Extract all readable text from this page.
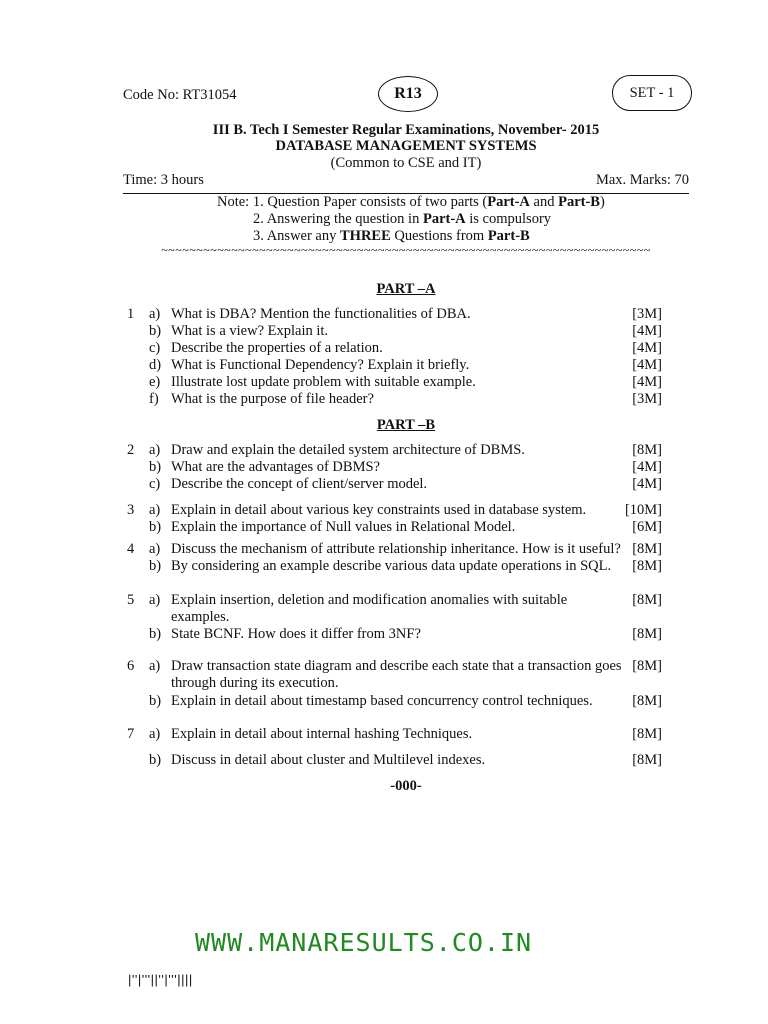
Code No: RT31054	R13	SET - 1
III B. Tech I Semester Regular Examinations, November- 2015
DATABASE MANAGEMENT SYSTEMS
(Common to CSE and IT)
Time: 3 hours	Max. Marks: 70
Note: 1. Question Paper consists of two parts (Part-A and Part-B)
2. Answering the question in Part-A is compulsory
3. Answer any THREE Questions from Part-B
~~~~~~~~~~~~~~~~~~~~~~~~~~~~~~~~~~~~~~~~~~~~~~~~~~~~~~~~~~~~~~~~~~~~~~
PART –A
1 a) What is DBA? Mention the functionalities of DBA.	[3M]
b) What is a view? Explain it.	[4M]
c) Describe the properties of a relation.	[4M]
d) What is Functional Dependency? Explain it briefly.	[4M]
e) Illustrate lost update problem with suitable example.	[4M]
f) What is the purpose of file header?	[3M]
PART –B
2 a) Draw and explain the detailed system architecture of DBMS.	[8M]
b) What are the advantages of DBMS?	[4M]
c) Describe the concept of client/server model.	[4M]
3 a) Explain in detail about various key constraints used in database system.	[10M]
b) Explain the importance of Null values in Relational Model.	[6M]
4 a) Discuss the mechanism of attribute relationship inheritance. How is it useful? [8M]
b) By considering an example describe various data update operations in SQL. [8M]
5 a) Explain insertion, deletion and modification anomalies with suitable	[8M]
examples.
b) State BCNF. How does it differ from 3NF?	[8M]
6 a) Draw transaction state diagram and describe each state that a transaction goes [8M]
through during its execution.
b) Explain in detail about timestamp based concurrency control techniques.	[8M]
7 a) Explain in detail about internal hashing Techniques.	[8M]
b) Discuss in detail about cluster and Multilevel indexes.	[8M]
-000-
WWW.MANARESULTS.CO.IN
|''|'''||''|'''||||
